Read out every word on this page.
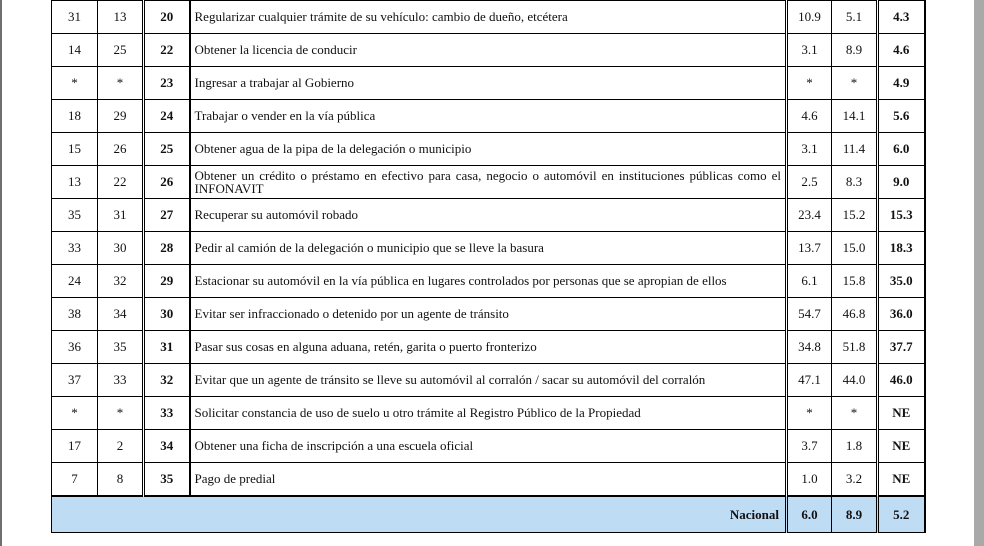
31	13	20	Regularizar cualquier trámite de su vehículo: cambio de dueño, etcétera	10.9	5.1	4.3
14	25	22	Obtener la licencia de conducir	3.1	8.9	4.6
*	*	23	Ingresar a trabajar al Gobierno	*	*	4.9
18	29	24	Trabajar o vender en la vía pública	4.6	14.1	5.6
15	26	25	Obtener agua de la pipa de la delegación o municipio	3.1	11.4	6.0
13	22	26	Obtener un crédito o préstamo en efectivo para casa, negocio o automóvil en instituciones públicas como el INFONAVIT	2.5	8.3	9.0
35	31	27	Recuperar su automóvil robado	23.4	15.2	15.3
33	30	28	Pedir al camión de la delegación o municipio que se lleve la basura	13.7	15.0	18.3
24	32	29	Estacionar su automóvil en la vía pública en lugares controlados por personas que se apropian de ellos	6.1	15.8	35.0
38	34	30	Evitar ser infraccionado o detenido por un agente de tránsito	54.7	46.8	36.0
36	35	31	Pasar sus cosas en alguna aduana, retén, garita o puerto fronterizo	34.8	51.8	37.7
37	33	32	Evitar que un agente de tránsito se lleve su automóvil al corralón / sacar su automóvil del corralón	47.1	44.0	46.0
*	*	33	Solicitar constancia de uso de suelo u otro trámite al Registro Público de la Propiedad	*	*	NE
17	2	34	Obtener una ficha de inscripción a una escuela oficial	3.7	1.8	NE
7	8	35	Pago de predial	1.0	3.2	NE
Nacional				6.0	8.9	5.2
